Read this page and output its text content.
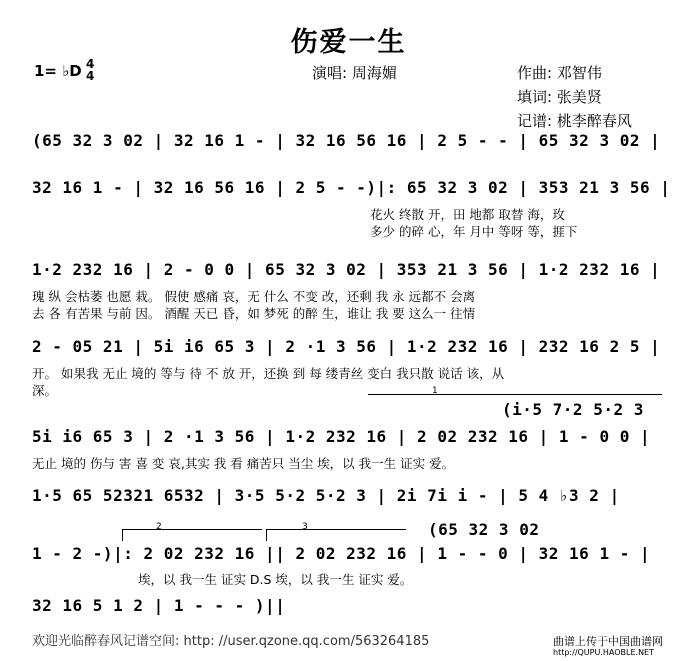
伤爱一生
1= ♭D 4
4	演唱: 周海媚	作曲: 邓智伟
填词: 张美贤
记谱: 桃李醉春风
(65 32 3 02 | 32 16 1 - | 32 16 56 16 | 2 5 - - | 65 32 3 02 |
32 16 1 - | 32 16 56 16 | 2 5 - -)|: 65 32 3 02 | 353 21 3 56 |
花火 终散 开，田 地都 取替 海，玫
多少 的碎 心，年 月中 等呀 等，捱下
1·2 232 16 | 2 - 0 0 | 65 32 3 02 | 353 21 3 56 | 1·2 232 16 |
瑰 纵 会枯萎 也愿 栽。 假使 感痛 哀，无 什么 不变 改，还剩 我 永 远都不 会离
去 各 有苦果 与前 因。 酒醒 天已 昏，如 梦死 的醉 生，谁让 我 要 这么一 往情
2 - 05 21 | 5i i6 65 3 | 2 ·1 3 56 | 1·2 232 16 | 232 16 2 5 |
开。 如果我 无止 境的 等与 待 不 放 开，还换 到 每 缕青丝 变白 我只散 说话 该，从
深。	1
(i·5 7·2 5·2 3
5i i6 65 3 | 2 ·1 3 56 | 1·2 232 16 | 2 02 232 16 | 1 - 0 0 |
无止 境的 伤与 害 喜 变 哀,其实 我 看 痛苦只 当尘 埃，以 我一生 证实 爱。
1·5 65 52321 6532 | 3·5 5·2 5·2 3 | 2i 7i i - | 5 4 ♭3 2 |
2	3	(65 32 3 02
1 - 2 -)|: 2 02 232 16 || 2 02 232 16 | 1 - - 0 | 32 16 1 - |
埃，以 我一生 证实 D.S 埃，以 我一生 证实 爱。
32 16 5 1 2 | 1 - - - )||
欢迎光临醉春风记谱空间: http: //user.qzone.qq.com/563264185	曲谱上传于中国曲谱网
http://QUPU.HAOBLE.NET
